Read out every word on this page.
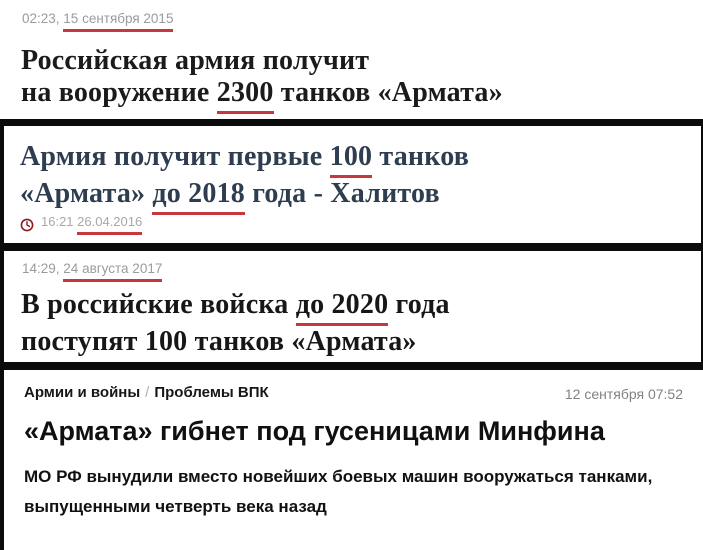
02:23, 15 сентября 2015
Российская армия получит
на вооружение 2300 танков «Армата»
Армия получит первые 100 танков
«Армата» до 2018 года - Халитов
16:21 26.04.2016
14:29, 24 августа 2017
В российские войска до 2020 года
поступят 100 танков «Армата»
Армии и войны / Проблемы ВПК	12 сентября 07:52
«Армата» гибнет под гусеницами Минфина
МО РФ вынудили вместо новейших боевых машин вооружаться танками, выпущенными четверть века назад
